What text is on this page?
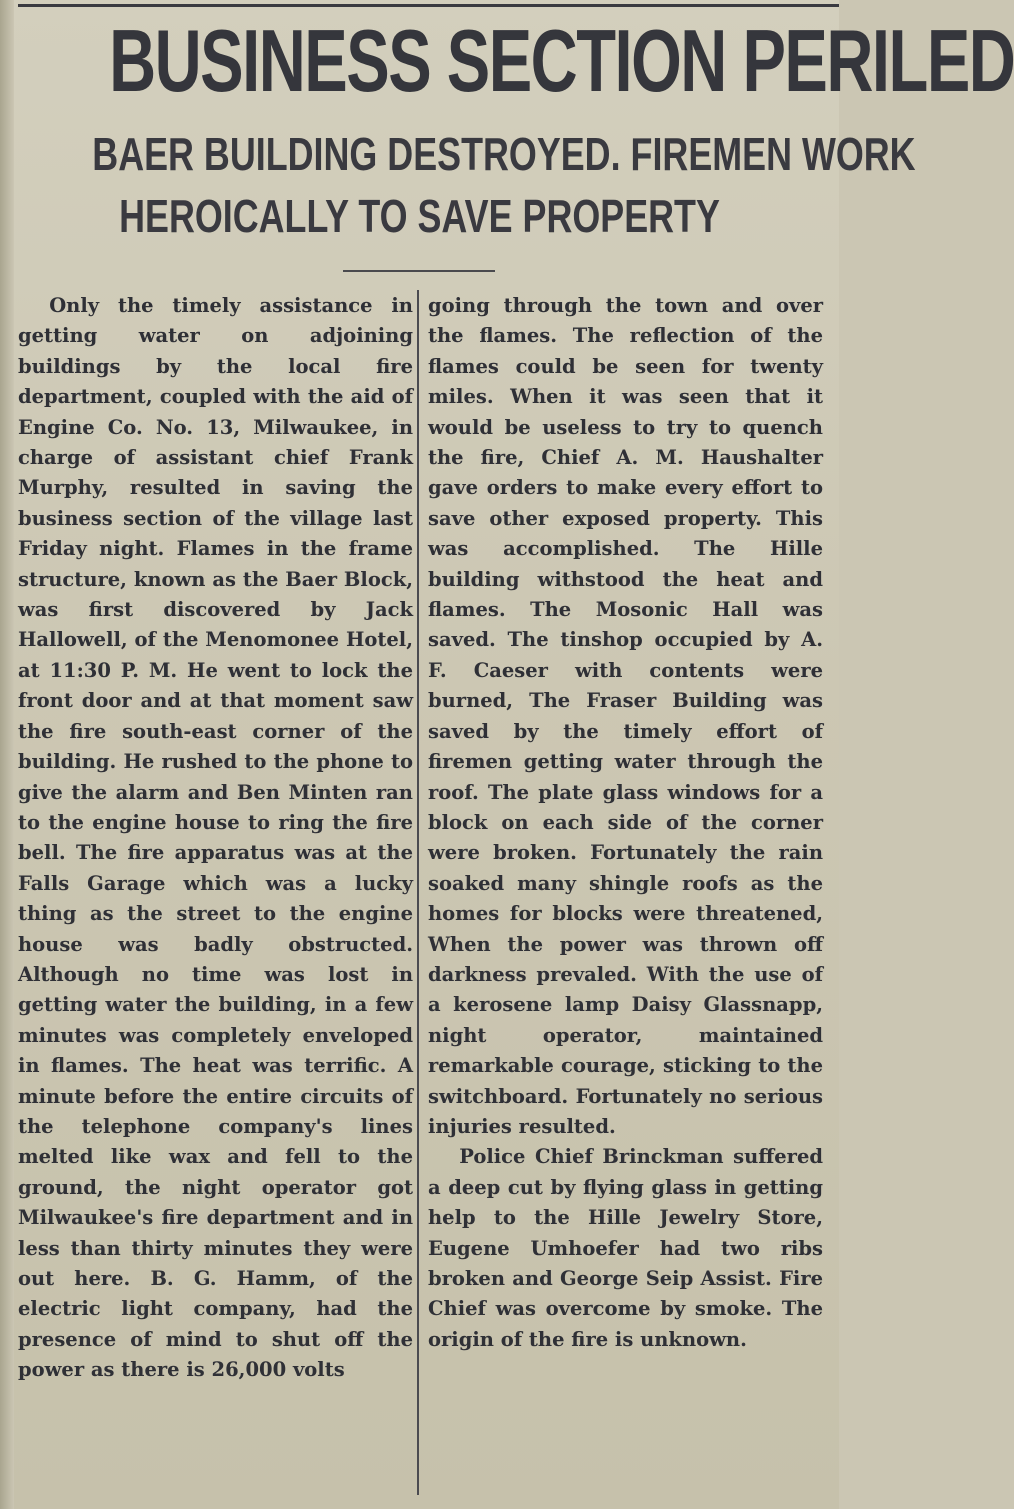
BUSINESS SECTION PERILED
BAER BUILDING DESTROYED. FIREMEN WORK
HEROICALLY TO SAVE PROPERTY

Only the timely assistance in getting water on adjoining buildings by the local fire department, coupled with the aid of Engine Co. No. 13, Milwaukee, in charge of assistant chief Frank Murphy, resulted in saving the business section of the village last Friday night. Flames in the frame structure, known as the Baer Block, was first discovered by Jack Hallowell, of the Menomonee Hotel, at 11:30 P. M. He went to lock the front door and at that moment saw the fire south-east corner of the building. He rushed to the phone to give the alarm and Ben Minten ran to the engine house to ring the fire bell. The fire apparatus was at the Falls Garage which was a lucky thing as the street to the engine house was badly obstructed. Although no time was lost in getting water the building, in a few minutes was completely enveloped in flames. The heat was terrific. A minute before the entire circuits of the telephone company's lines melted like wax and fell to the ground, the night operator got Milwaukee's fire department and in less than thirty minutes they were out here. B. G. Hamm, of the electric light company, had the presence of mind to shut off the power as there is 26,000 volts

going through the town and over the flames. The reflection of the flames could be seen for twenty miles. When it was seen that it would be useless to try to quench the fire, Chief A. M. Haushalter gave orders to make every effort to save other exposed property. This was accomplished. The Hille building withstood the heat and flames. The Mosonic Hall was saved. The tinshop occupied by A. F. Caeser with contents were burned, The Fraser Building was saved by the timely effort of firemen getting water through the roof. The plate glass windows for a block on each side of the corner were broken. Fortunately the rain soaked many shingle roofs as the homes for blocks were threatened, When the power was thrown off darkness prevaled. With the use of a kerosene lamp Daisy Glassnapp, night operator, maintained remarkable courage, sticking to the switchboard. Fortunately no serious injuries resulted.

Police Chief Brinckman suffered a deep cut by flying glass in getting help to the Hille Jewelry Store, Eugene Umhoefer had two ribs broken and George Seip Assist. Fire Chief was overcome by smoke. The origin of the fire is unknown.
